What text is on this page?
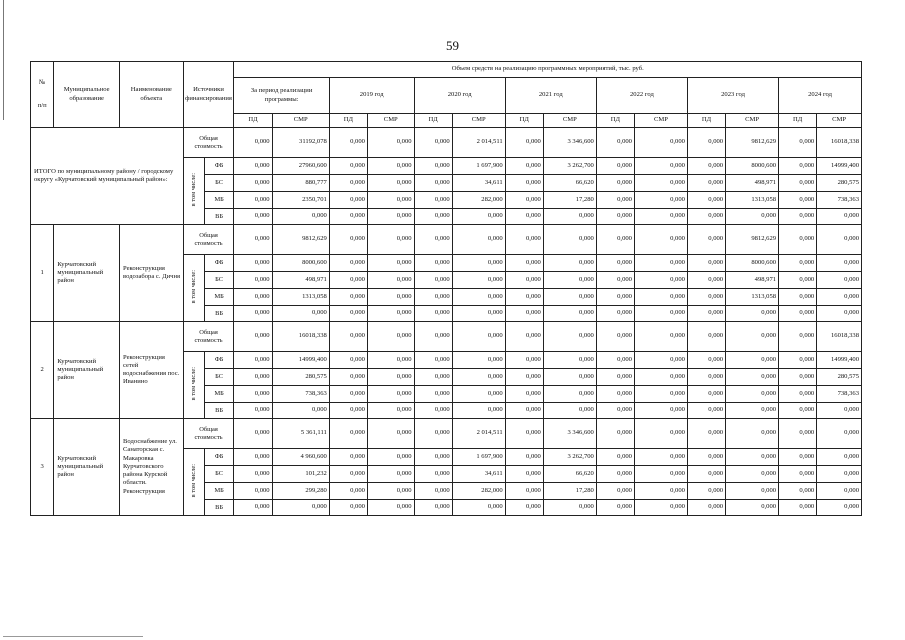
59
№
п/п	Муниципальное образование	Наименование объекта	Источники финансирования		Объем средств на реализацию программных мероприятий, тыс. руб.													
					За период реализации программы:		2019 год		2020 год		2021 год		2022 год		2023 год		2024 год	
					ПД	СМР	ПД	СМР	ПД	СМР	ПД	СМР	ПД	СМР	ПД	СМР	ПД	СМР
ИТОГО по муниципальному району / городскому округу «Курчатовский муниципальный район»:			Общая стоимость		0,000	31192,078	0,000	0,000	0,000	2 014,511	0,000	3 346,600	0,000	0,000	0,000	9812,629	0,000	16018,338
			в том числе:	ФБ	0,000	27960,600	0,000	0,000	0,000	1 697,900	0,000	3 262,700	0,000	0,000	0,000	8000,600	0,000	14999,400
				БС	0,000	880,777	0,000	0,000	0,000	34,611	0,000	66,620	0,000	0,000	0,000	498,971	0,000	280,575
				МБ	0,000	2350,701	0,000	0,000	0,000	282,000	0,000	17,280	0,000	0,000	0,000	1313,058	0,000	738,363
				ВБ	0,000	0,000	0,000	0,000	0,000	0,000	0,000	0,000	0,000	0,000	0,000	0,000	0,000	0,000
1	Курчатовский муниципальный район	Реконструкция водозабора с. Дичня	Общая стоимость		0,000	9812,629	0,000	0,000	0,000	0,000	0,000	0,000	0,000	0,000	0,000	9812,629	0,000	0,000
			в том числе:	ФБ	0,000	8000,600	0,000	0,000	0,000	0,000	0,000	0,000	0,000	0,000	0,000	8000,600	0,000	0,000
				БС	0,000	498,971	0,000	0,000	0,000	0,000	0,000	0,000	0,000	0,000	0,000	498,971	0,000	0,000
				МБ	0,000	1313,058	0,000	0,000	0,000	0,000	0,000	0,000	0,000	0,000	0,000	1313,058	0,000	0,000
				ВБ	0,000	0,000	0,000	0,000	0,000	0,000	0,000	0,000	0,000	0,000	0,000	0,000	0,000	0,000
2	Курчатовский муниципальный район	Реконструкция сетей водоснабжения пос. Иванино	Общая стоимость		0,000	16018,338	0,000	0,000	0,000	0,000	0,000	0,000	0,000	0,000	0,000	0,000	0,000	16018,338
			в том числе:	ФБ	0,000	14999,400	0,000	0,000	0,000	0,000	0,000	0,000	0,000	0,000	0,000	0,000	0,000	14999,400
				БС	0,000	280,575	0,000	0,000	0,000	0,000	0,000	0,000	0,000	0,000	0,000	0,000	0,000	280,575
				МБ	0,000	738,363	0,000	0,000	0,000	0,000	0,000	0,000	0,000	0,000	0,000	0,000	0,000	738,363
				ВБ	0,000	0,000	0,000	0,000	0,000	0,000	0,000	0,000	0,000	0,000	0,000	0,000	0,000	0,000
3	Курчатовский муниципальный район	Водоснабжение ул. Санаторская с. Макаровка Курчатовского района Курской области. Реконструкция	Общая стоимость		0,000	5 361,111	0,000	0,000	0,000	2 014,511	0,000	3 346,600	0,000	0,000	0,000	0,000	0,000	0,000
			в том числе:	ФБ	0,000	4 960,600	0,000	0,000	0,000	1 697,900	0,000	3 262,700	0,000	0,000	0,000	0,000	0,000	0,000
				БС	0,000	101,232	0,000	0,000	0,000	34,611	0,000	66,620	0,000	0,000	0,000	0,000	0,000	0,000
				МБ	0,000	299,280	0,000	0,000	0,000	282,000	0,000	17,280	0,000	0,000	0,000	0,000	0,000	0,000
				ВБ	0,000	0,000	0,000	0,000	0,000	0,000	0,000	0,000	0,000	0,000	0,000	0,000	0,000	0,000
